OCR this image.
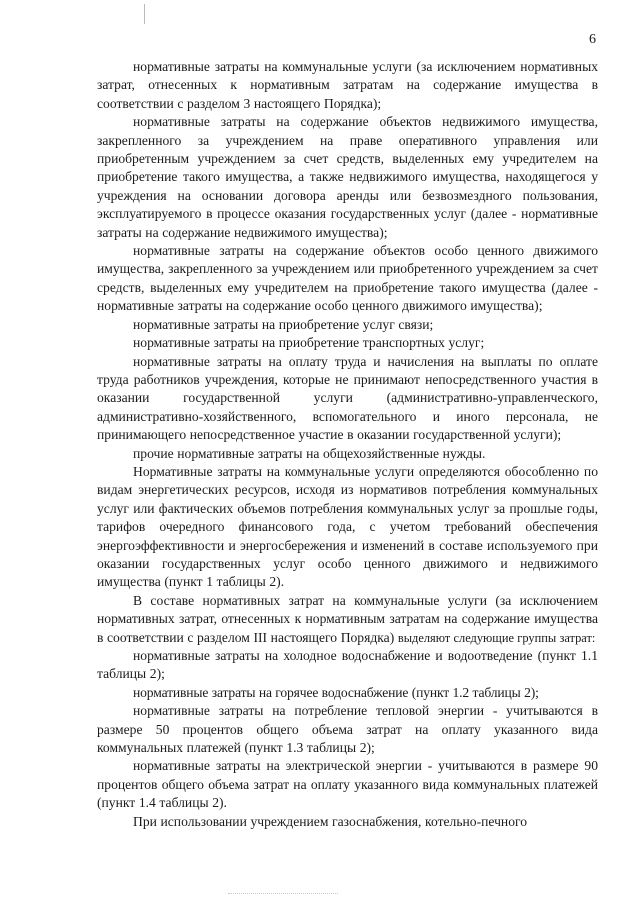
6

нормативные затраты на коммунальные услуги (за исключением нормативных затрат, отнесенных к нормативным затратам на содержание имущества в соответствии с разделом 3 настоящего Порядка);

нормативные затраты на содержание объектов недвижимого имущества, закрепленного за учреждением на праве оперативного управления или приобретенным учреждением за счет средств, выделенных ему учредителем на приобретение такого имущества, а также недвижимого имущества, находящегося у учреждения на основании договора аренды или безвозмездного пользования, эксплуатируемого в процессе оказания государственных услуг (далее - нормативные затраты на содержание недвижимого имущества);

нормативные затраты на содержание объектов особо ценного движимого имущества, закрепленного за учреждением или приобретенного учреждением за счет средств, выделенных ему учредителем на приобретение такого имущества (далее - нормативные затраты на содержание особо ценного движимого имущества);

нормативные затраты на приобретение услуг связи;

нормативные затраты на приобретение транспортных услуг;

нормативные затраты на оплату труда и начисления на выплаты по оплате труда работников учреждения, которые не принимают непосредственного участия в оказании государственной услуги (административно-управленческого, административно-хозяйственного, вспомогательного и иного персонала, не принимающего непосредственное участие в оказании государственной услуги);

прочие нормативные затраты на общехозяйственные нужды.

Нормативные затраты на коммунальные услуги определяются обособленно по видам энергетических ресурсов, исходя из нормативов потребления коммунальных услуг или фактических объемов потребления коммунальных услуг за прошлые годы, тарифов очередного финансового года, с учетом требований обеспечения энергоэффективности и энергосбережения и изменений в составе используемого при оказании государственных услуг особо ценного движимого и недвижимого имущества (пункт 1 таблицы 2).

В составе нормативных затрат на коммунальные услуги (за исключением нормативных затрат, отнесенных к нормативным затратам на содержание имущества в соответствии с разделом III настоящего Порядка) выделяют следующие группы затрат:

нормативные затраты на холодное водоснабжение и водоотведение (пункт 1.1 таблицы 2);

нормативные затраты на горячее водоснабжение (пункт 1.2 таблицы 2);

нормативные затраты на потребление тепловой энергии - учитываются в размере 50 процентов общего объема затрат на оплату указанного вида коммунальных платежей (пункт 1.3 таблицы 2);

нормативные затраты на электрической энергии - учитываются в размере 90 процентов общего объема затрат на оплату указанного вида коммунальных платежей (пункт 1.4 таблицы 2).

При использовании учреждением газоснабжения, котельно-печного
